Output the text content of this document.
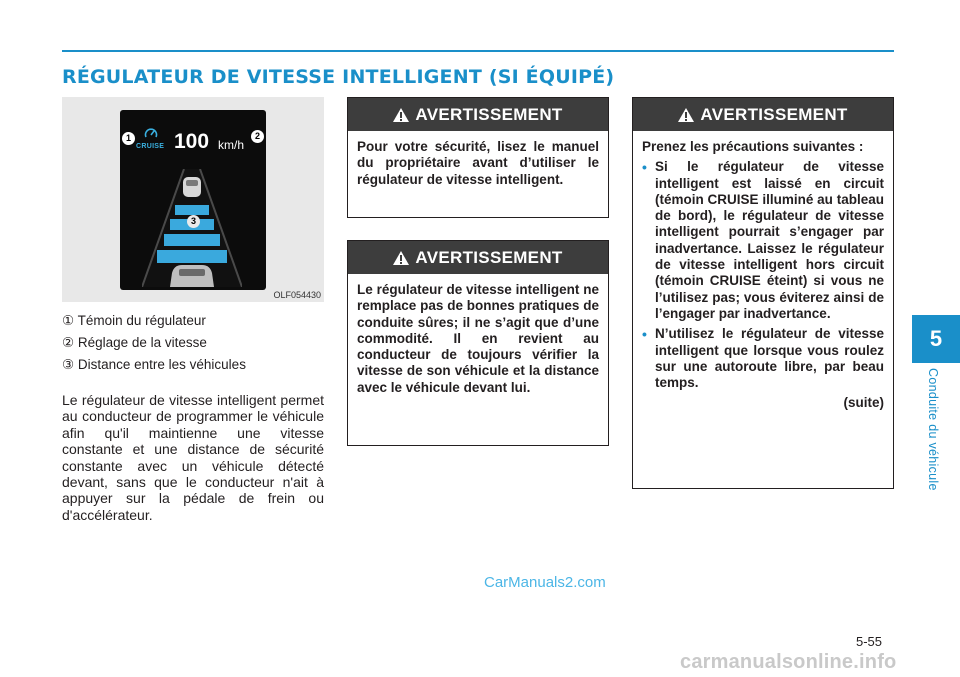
RÉGULATEUR DE VITESSE INTELLIGENT (SI ÉQUIPÉ)
1	2
CRUISE 100 km/h
3
OLF054430
① Témoin du régulateur
② Réglage de la vitesse
③ Distance entre les véhicules

Le régulateur de vitesse intelligent permet au conducteur de programmer le véhicule afin qu'il maintienne une vitesse constante et une distance de sécurité constante avec un véhicule détecté devant, sans que le conducteur n'ait à appuyer sur la pédale de frein ou d'accélérateur.

AVERTISSEMENT

Pour votre sécurité, lisez le manuel du propriétaire avant d’utiliser le régulateur de vitesse intelligent.

AVERTISSEMENT

Le régulateur de vitesse intelligent ne remplace pas de bonnes pratiques de conduite sûres; il ne s’agit que d’une commodité. Il en revient au conducteur de toujours vérifier la vitesse de son véhicule et la distance avec le véhicule devant lui.

AVERTISSEMENT

Prenez les précautions suivantes :

• Si le régulateur de vitesse intelligent est laissé en circuit (témoin CRUISE illuminé au tableau de bord), le régulateur de vitesse intelligent pourrait s’engager par inadvertance. Laissez le régulateur de vitesse intelligent hors circuit (témoin CRUISE éteint) si vous ne l’utilisez pas; vous éviterez ainsi de l’engager par inadvertance.
• N’utilisez le régulateur de vitesse intelligent que lorsque vous roulez sur une autoroute libre, par beau temps.

(suite)

5
Conduite du véhicule
5-55
CarManuals2.com
carmanualsonline.info
